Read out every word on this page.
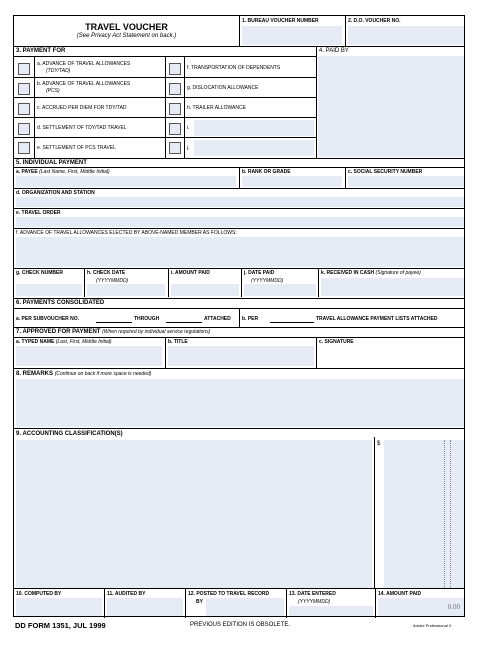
TRAVEL VOUCHER
(See Privacy Act Statement on back.)
1. BUREAU VOUCHER NUMBER	2. D.O. VOUCHER NO.
3. PAYMENT FOR	4. PAID BY
a. ADVANCE OF TRAVEL ALLOWANCES
(TDY/TAD)
b. ADVANCE OF TRAVEL ALLOWANCES
(PCS)
c. ACCRUED PER DIEM FOR TDY/TAD
d. SETTLEMENT OF TDY/TAD TRAVEL
e. SETTLEMENT OF PCS TRAVEL
f. TRANSPORTATION OF DEPENDENTS
g. DISLOCATION ALLOWANCE
h. TRAILER ALLOWANCE
i.
j.
5. INDIVIDUAL PAYMENT
a. PAYEE (Last Name, First, Middle Initial)	b. RANK OR GRADE	c. SOCIAL SECURITY NUMBER
d. ORGANIZATION AND STATION
e. TRAVEL ORDER
f. ADVANCE OF TRAVEL ALLOWANCES ELECTED BY ABOVE-NAMED MEMBER AS FOLLOWS:
g. CHECK NUMBER	h. CHECK DATE
(YYYYMMDD)
i. AMOUNT PAID	j. DATE PAID
(YYYYMMDD)
k. RECEIVED IN CASH (Signature of payee)
6. PAYMENTS CONSOLIDATED
a. PER SUBVOUCHER NO.	THROUGH	ATTACHED b. PER	TRAVEL ALLOWANCE PAYMENT LISTS ATTACHED
7. APPROVED FOR PAYMENT (When required by individual service regulations)
a. TYPED NAME (Last, First, Middle Initial)	b. TITLE	c. SIGNATURE
8. REMARKS (Continue on back if more space is needed)
9. ACCOUNTING CLASSIFICATION(S)
$
10. COMPUTED BY	11. AUDITED BY	12. POSTED TO TRAVEL RECORD
BY
13. DATE ENTERED
(YYYYMMDD)
14. AMOUNT PAID
0.00
DD FORM 1351, JUL 1999	PREVIOUS EDITION IS OBSOLETE.	Adobe Professional X
